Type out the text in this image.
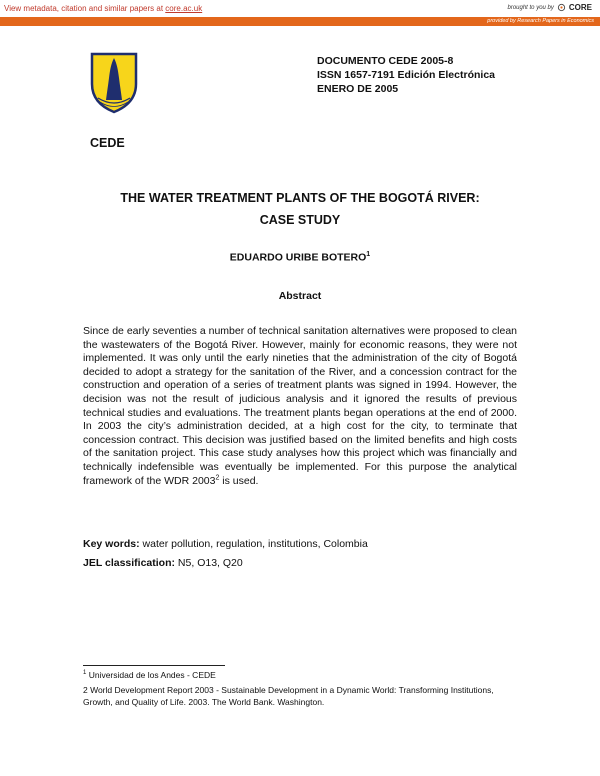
View metadata, citation and similar papers at core.ac.uk	brought to you by CORE
provided by Research Papers in Economics
CEDE
DOCUMENTO CEDE 2005-8
ISSN 1657-7191 Edición Electrónica
ENERO DE 2005
THE WATER TREATMENT PLANTS OF THE BOGOTÁ RIVER:
CASE STUDY
EDUARDO URIBE BOTERO$^1$
Abstract

Since de early seventies a number of technical sanitation alternatives were proposed to clean the wastewaters of the Bogotá River. However, mainly for economic reasons, they were not implemented. It was only until the early nineties that the administration of the city of Bogotá decided to adopt a strategy for the sanitation of the River, and a concession contract for the construction and operation of a series of treatment plants was signed in 1994. However, the decision was not the result of judicious analysis and it ignored the results of previous technical studies and evaluations. The treatment plants began operations at the end of 2000. In 2003 the city’s administration decided, at a high cost for the city, to terminate that concession contract. This decision was justified based on the limited benefits and high costs of the sanitation project. This case study analyses how this project which was financially and technically indefensible was eventually be implemented. For this purpose the analytical framework of the WDR 2003$^2$ is used.

Key words: water pollution, regulation, institutions, Colombia
JEL classification: N5, O13, Q20
$^1$ Universidad de los Andes - CEDE
2 World Development Report 2003 - Sustainable Development in a Dynamic World: Transforming Institutions, Growth, and Quality of Life. 2003. The World Bank. Washington.
